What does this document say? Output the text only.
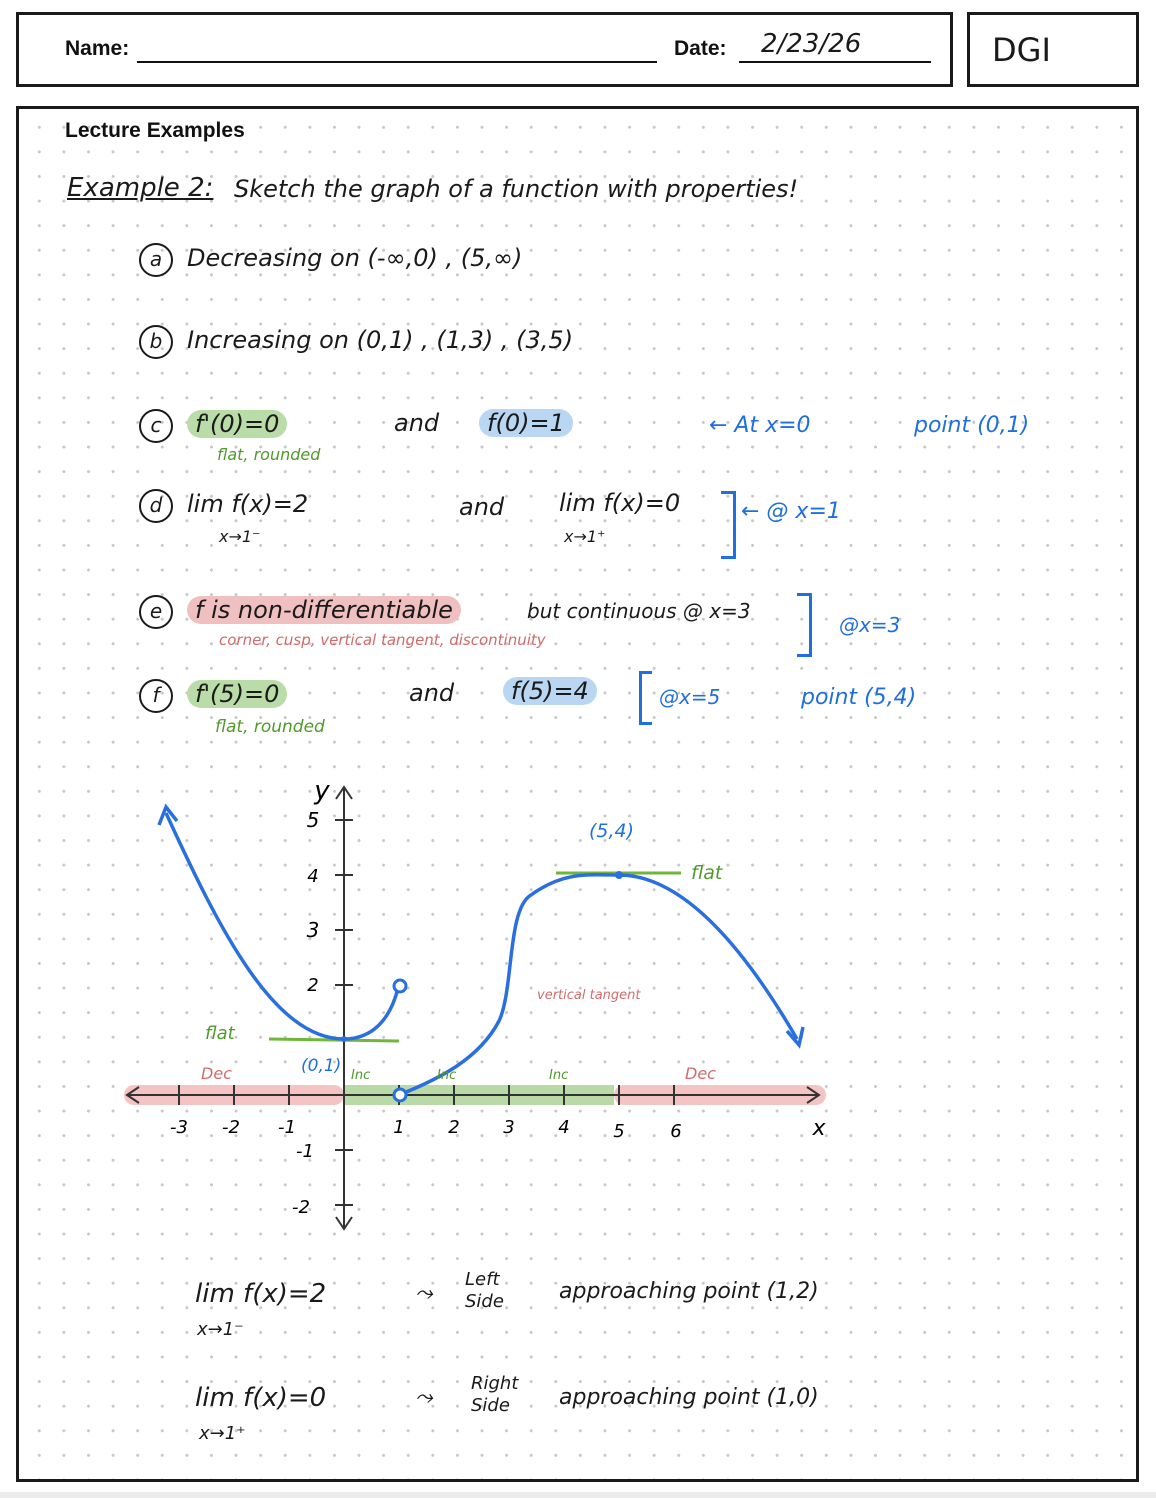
Name:	Date: 2/23/26	DGI
Lecture Examples
Example 2: Sketch the graph of a function with properties!
a Decreasing on (-∞,0) , (5,∞)
b Increasing on (0,1) , (1,3) , (3,5)
c f'(0)=0
flat, rounded
and	f(0)=1	← At x=0	point (0,1)
d lim f(x)=2
x→1⁻
and lim f(x)=0
x→1⁺
← @ x=1
e f is non-differentiable	but continuous @ x=3
corner, cusp, vertical tangent, discontinuity
@x=3
f f'(5)=0
flat, rounded
and	f(5)=4	@x=5	point (5,4)
-3 -2 -1	1 2 3 4 5	6	x
y
5
4
3
2
-1
-2
flat
(0,1)
(5,4)
flat
vertical tangent
Dec	Inc	Inc	Inc	Dec
lim f(x)=2
x→1⁻
⤳
Left Side	approaching point (1,2)
lim f(x)=0
x→1⁺
⤳
Right Side	approaching point (1,0)
